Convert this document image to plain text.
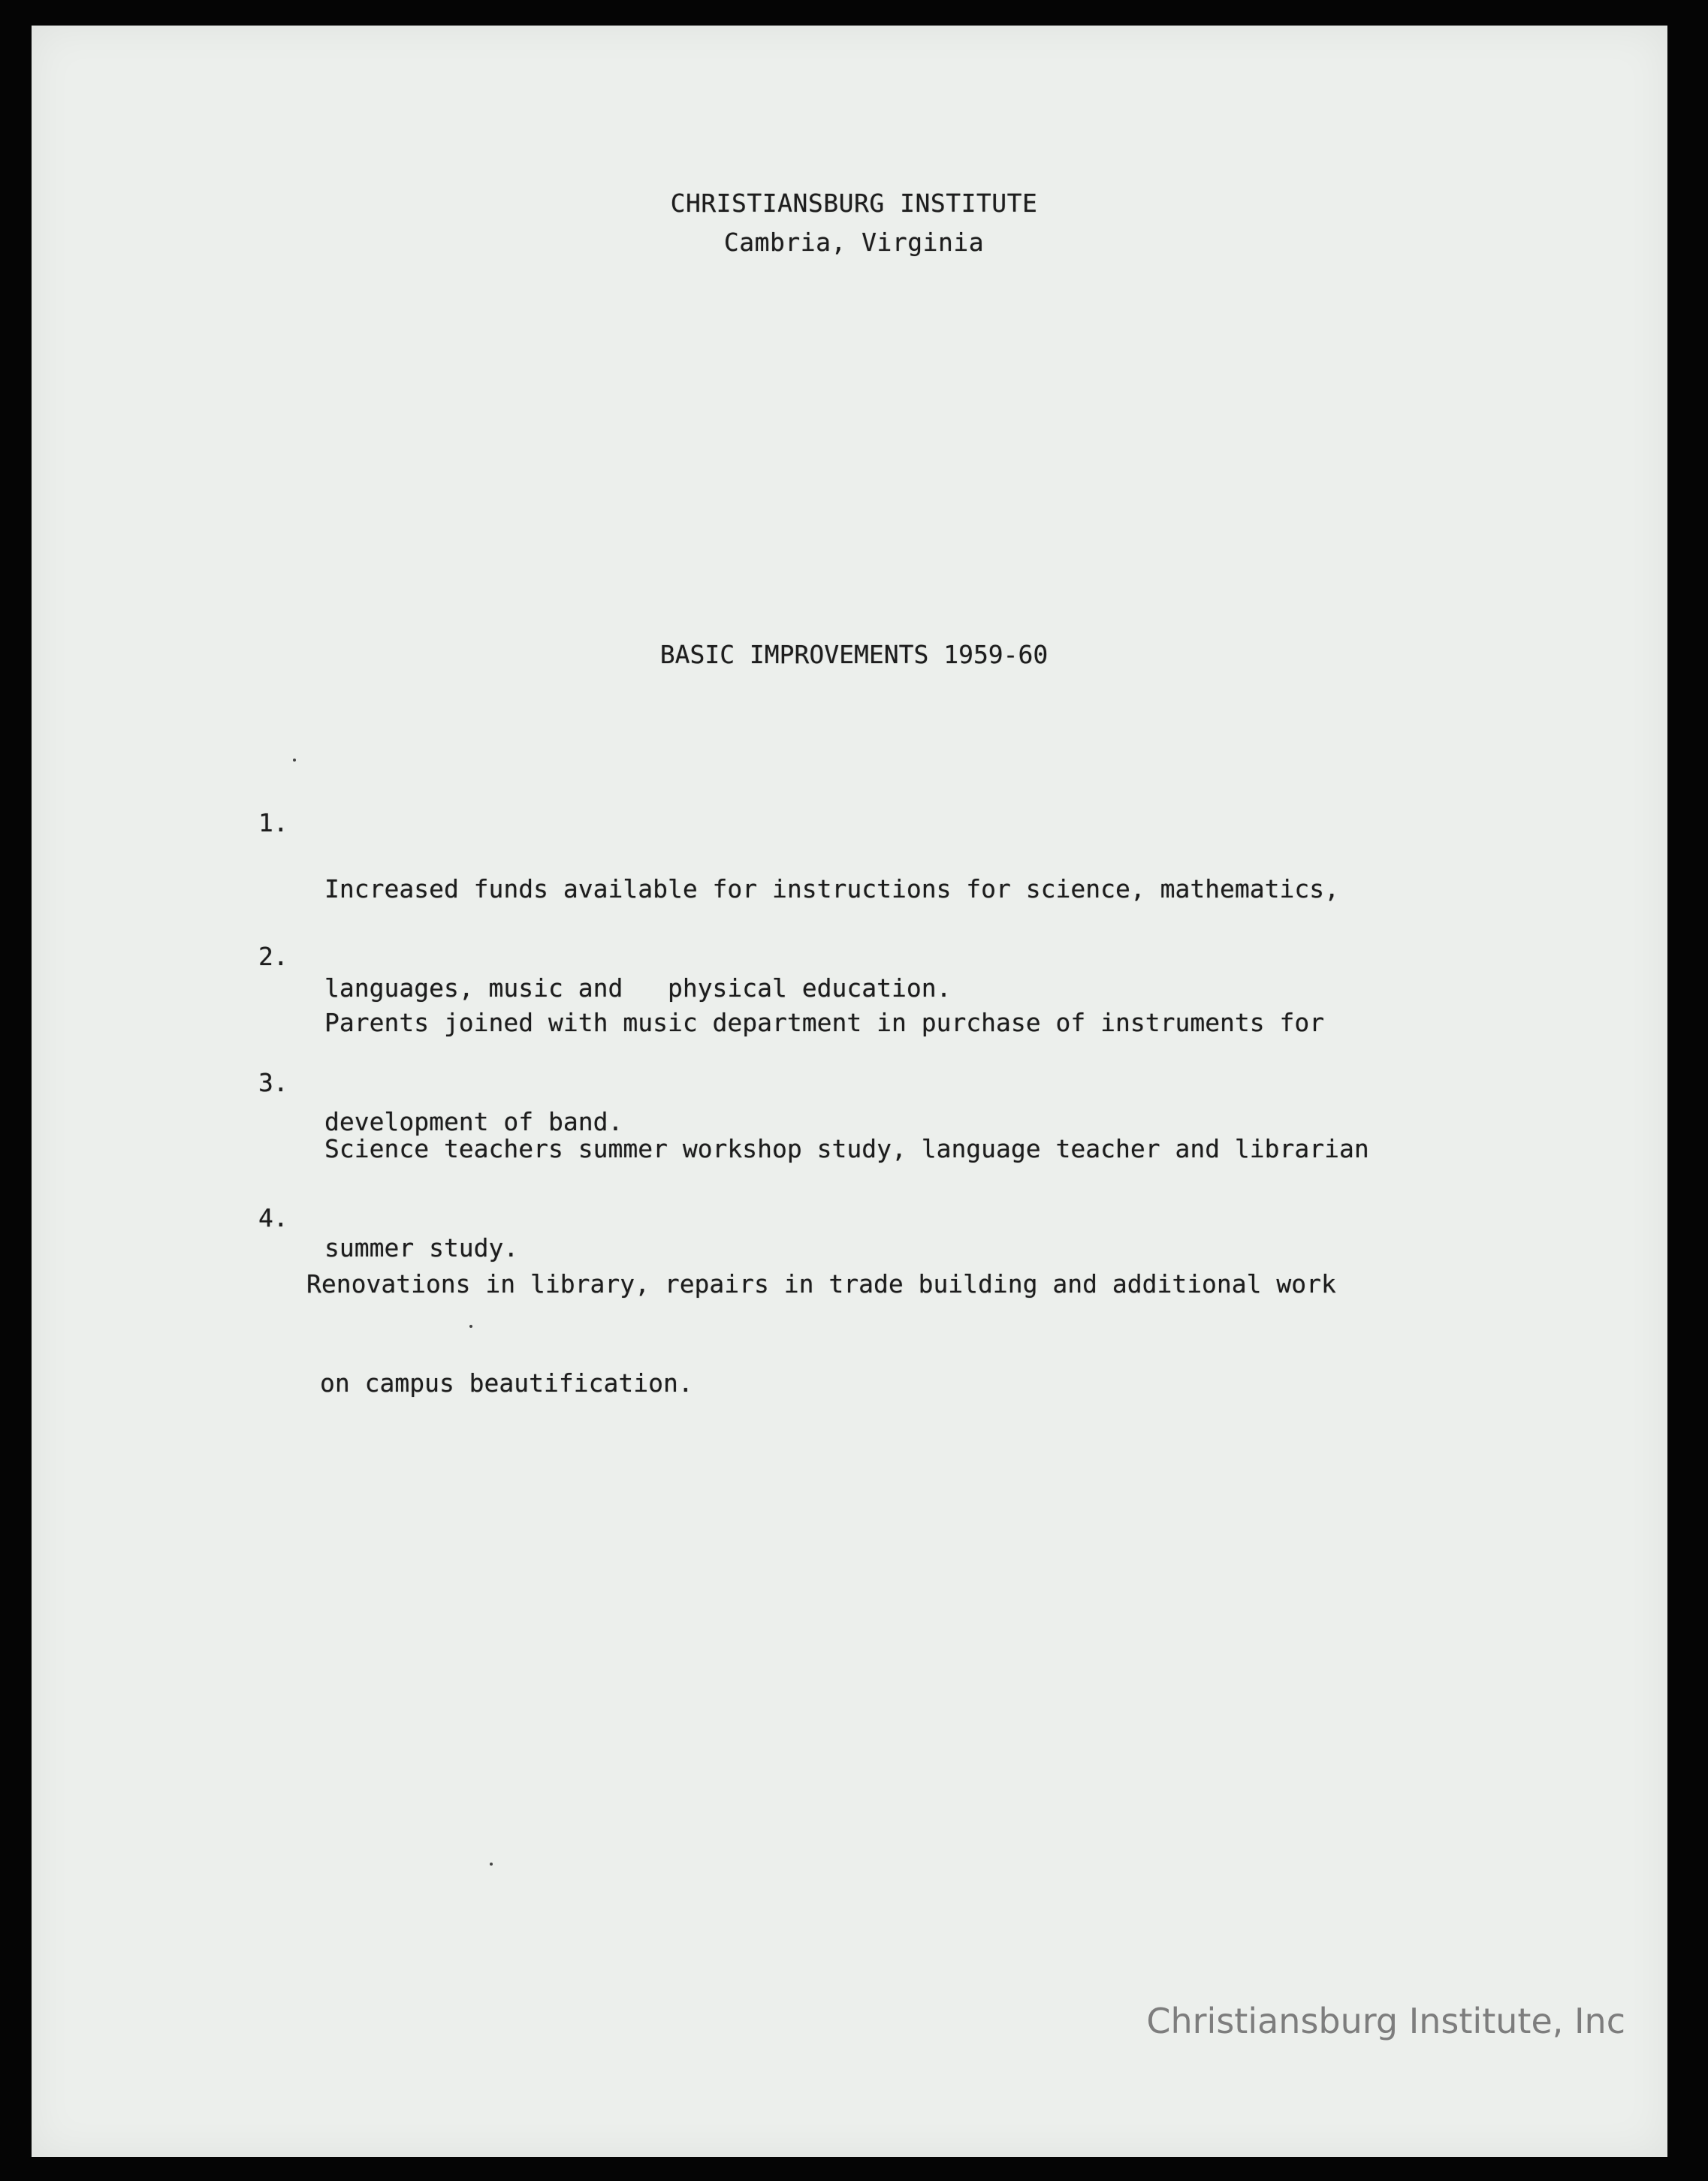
CHRISTIANSBURG INSTITUTE
Cambria, Virginia
BASIC IMPROVEMENTS 1959-60

1.

Increased funds available for instructions for science, mathematics,

languages, music and   physical education.

2.

Parents joined with music department in purchase of instruments for

development of band.

3.

Science teachers summer workshop study, language teacher and librarian

summer study.

4.

Renovations in library, repairs in trade building and additional work

on campus beautification.

Christiansburg Institute, Inc
